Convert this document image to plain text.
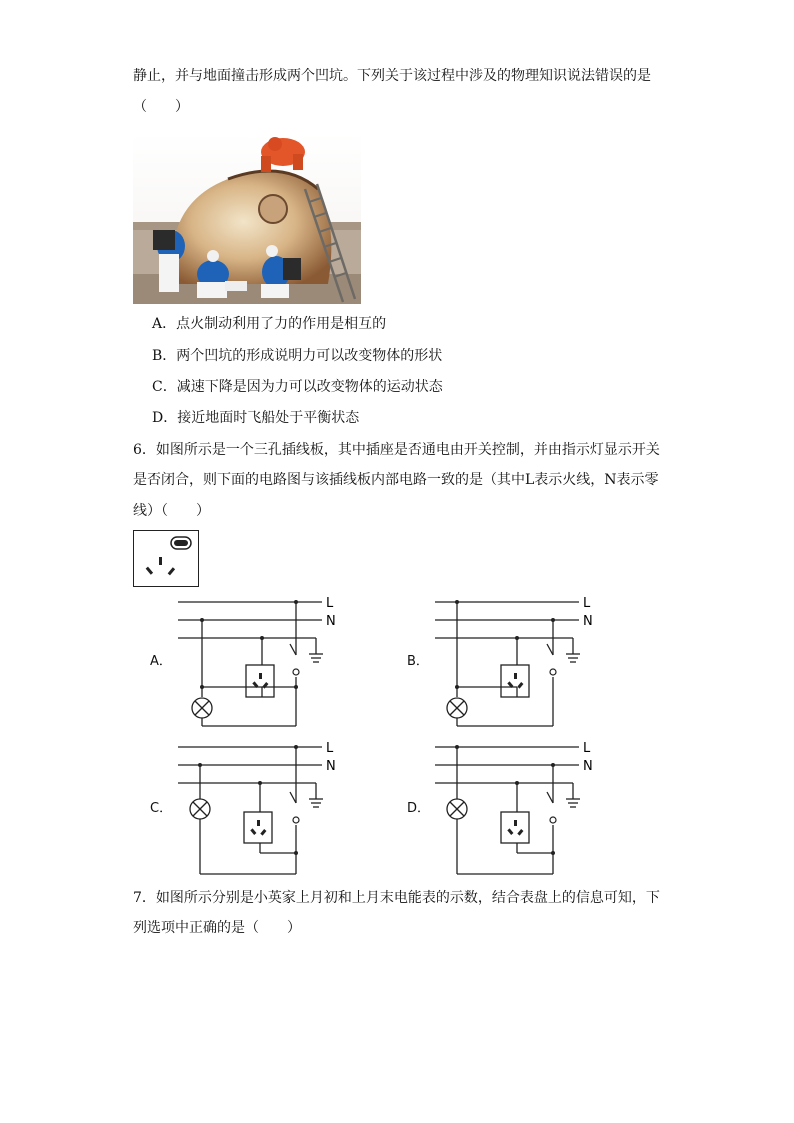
静止，并与地面撞击形成两个凹坑。下列关于该过程中涉及的物理知识说法错误的是
（　　）
A．点火制动利用了力的作用是相互的
B．两个凹坑的形成说明力可以改变物体的形状
C．减速下降是因为力可以改变物体的运动状态
D．接近地面时飞船处于平衡状态
6．如图所示是一个三孔插线板，其中插座是否通电由开关控制，并由指示灯显示开关
是否闭合，则下面的电路图与该插线板内部电路一致的是（其中L表示火线，N表示零
线）（　　）
A．
L
N
B．
L
N
C．
L
N
D．
L
N
7．如图所示分别是小英家上月初和上月末电能表的示数，结合表盘上的信息可知，下
列选项中正确的是（　　）
